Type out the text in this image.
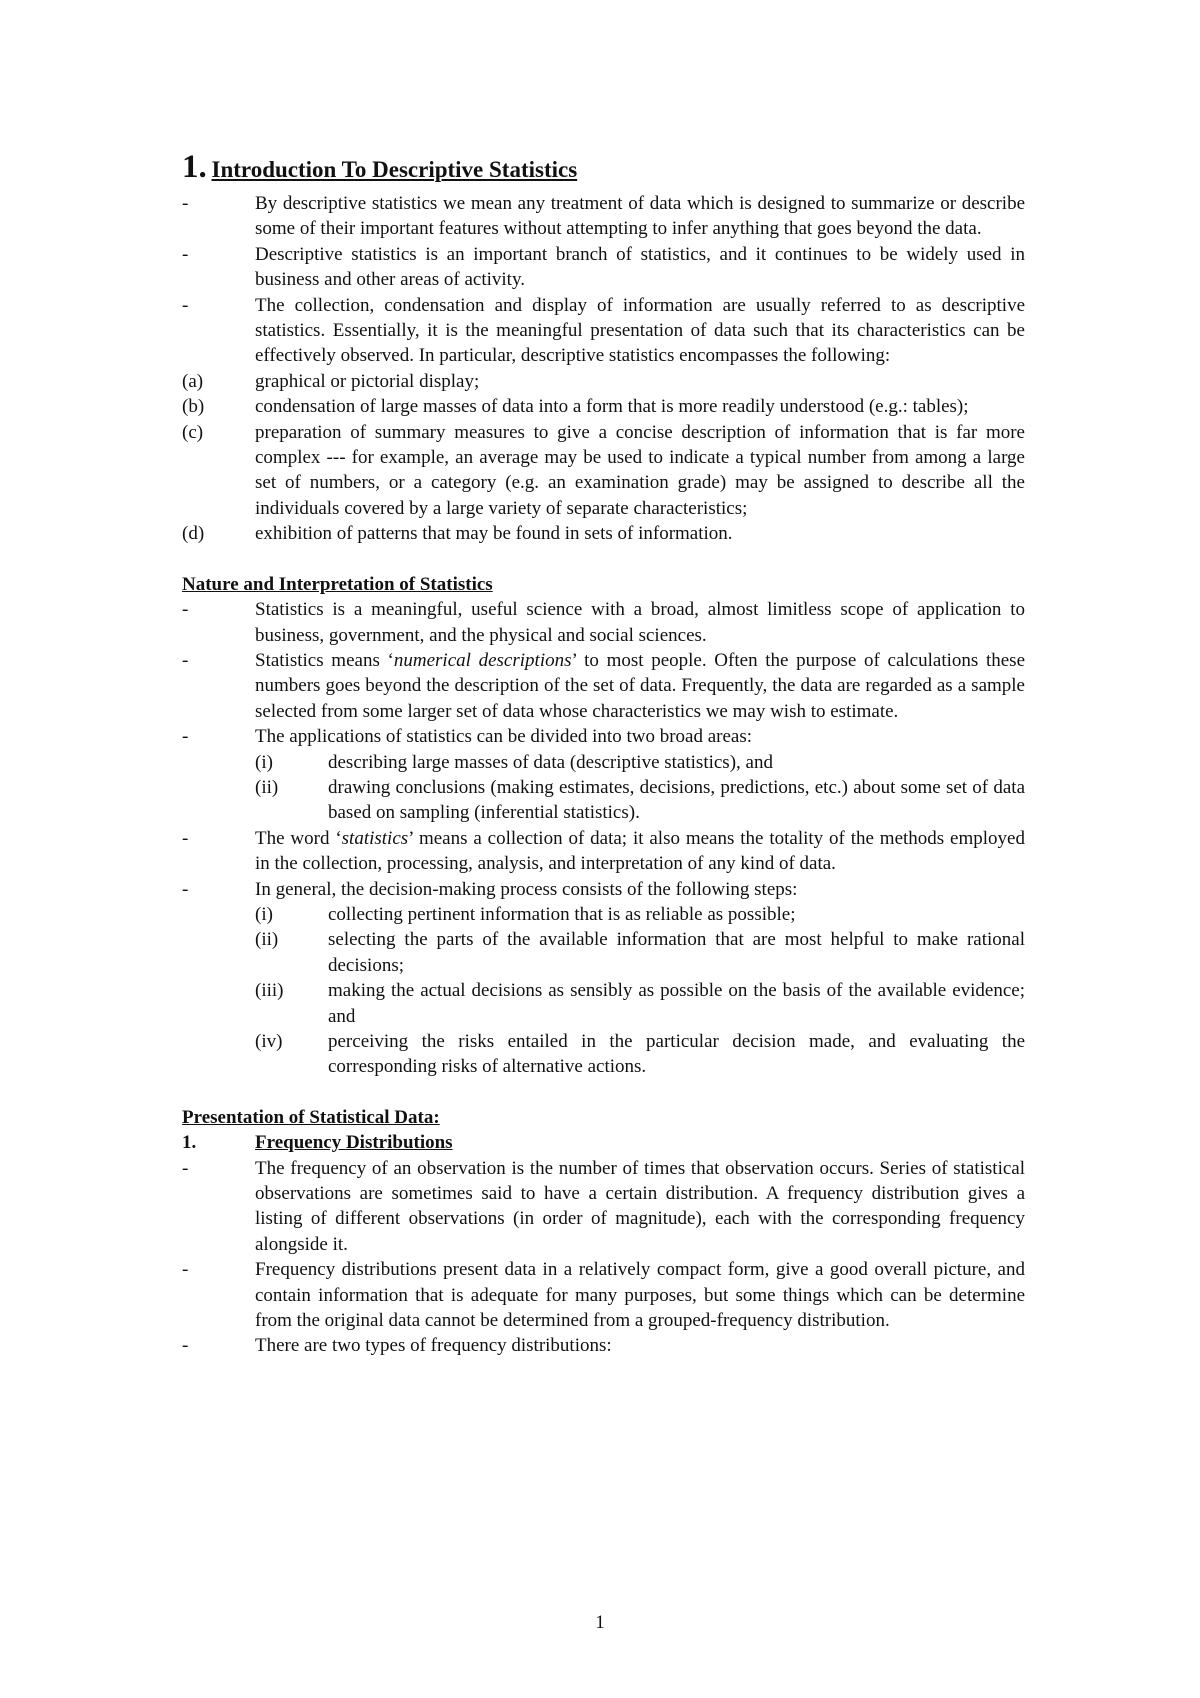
1. Introduction To Descriptive Statistics
-	By descriptive statistics we mean any treatment of data which is designed to summarize or describe some of their important features without attempting to infer anything that goes beyond the data.
-	Descriptive statistics is an important branch of statistics, and it continues to be widely used in business and other areas of activity.
-	The collection, condensation and display of information are usually referred to as descriptive statistics. Essentially, it is the meaningful presentation of data such that its characteristics can be effectively observed. In particular, descriptive statistics encompasses the following:
(a)	graphical or pictorial display;
(b)	condensation of large masses of data into a form that is more readily understood (e.g.: tables);
(c)	preparation of summary measures to give a concise description of information that is far more complex --- for example, an average may be used to indicate a typical number from among a large set of numbers, or a category (e.g. an examination grade) may be assigned to describe all the individuals covered by a large variety of separate characteristics;
(d)	exhibition of patterns that may be found in sets of information.
Nature and Interpretation of Statistics
-	Statistics is a meaningful, useful science with a broad, almost limitless scope of application to business, government, and the physical and social sciences.
-	Statistics means ‘numerical descriptions’ to most people. Often the purpose of calculations these numbers goes beyond the description of the set of data. Frequently, the data are regarded as a sample selected from some larger set of data whose characteristics we may wish to estimate.
-	The applications of statistics can be divided into two broad areas:
(i)	describing large masses of data (descriptive statistics), and
(ii)	drawing conclusions (making estimates, decisions, predictions, etc.) about some set of data based on sampling (inferential statistics).
-	The word ‘statistics’ means a collection of data; it also means the totality of the methods employed in the collection, processing, analysis, and interpretation of any kind of data.
-	In general, the decision-making process consists of the following steps:
(i)	collecting pertinent information that is as reliable as possible;
(ii)	selecting the parts of the available information that are most helpful to make rational decisions;
(iii)	making the actual decisions as sensibly as possible on the basis of the available evidence; and
(iv)	perceiving the risks entailed in the particular decision made, and evaluating the corresponding risks of alternative actions.
Presentation of Statistical Data:
1.	Frequency Distributions
-	The frequency of an observation is the number of times that observation occurs. Series of statistical observations are sometimes said to have a certain distribution. A frequency distribution gives a listing of different observations (in order of magnitude), each with the corresponding frequency alongside it.
-	Frequency distributions present data in a relatively compact form, give a good overall picture, and contain information that is adequate for many purposes, but some things which can be determine from the original data cannot be determined from a grouped-frequency distribution.
-	There are two types of frequency distributions:
1
